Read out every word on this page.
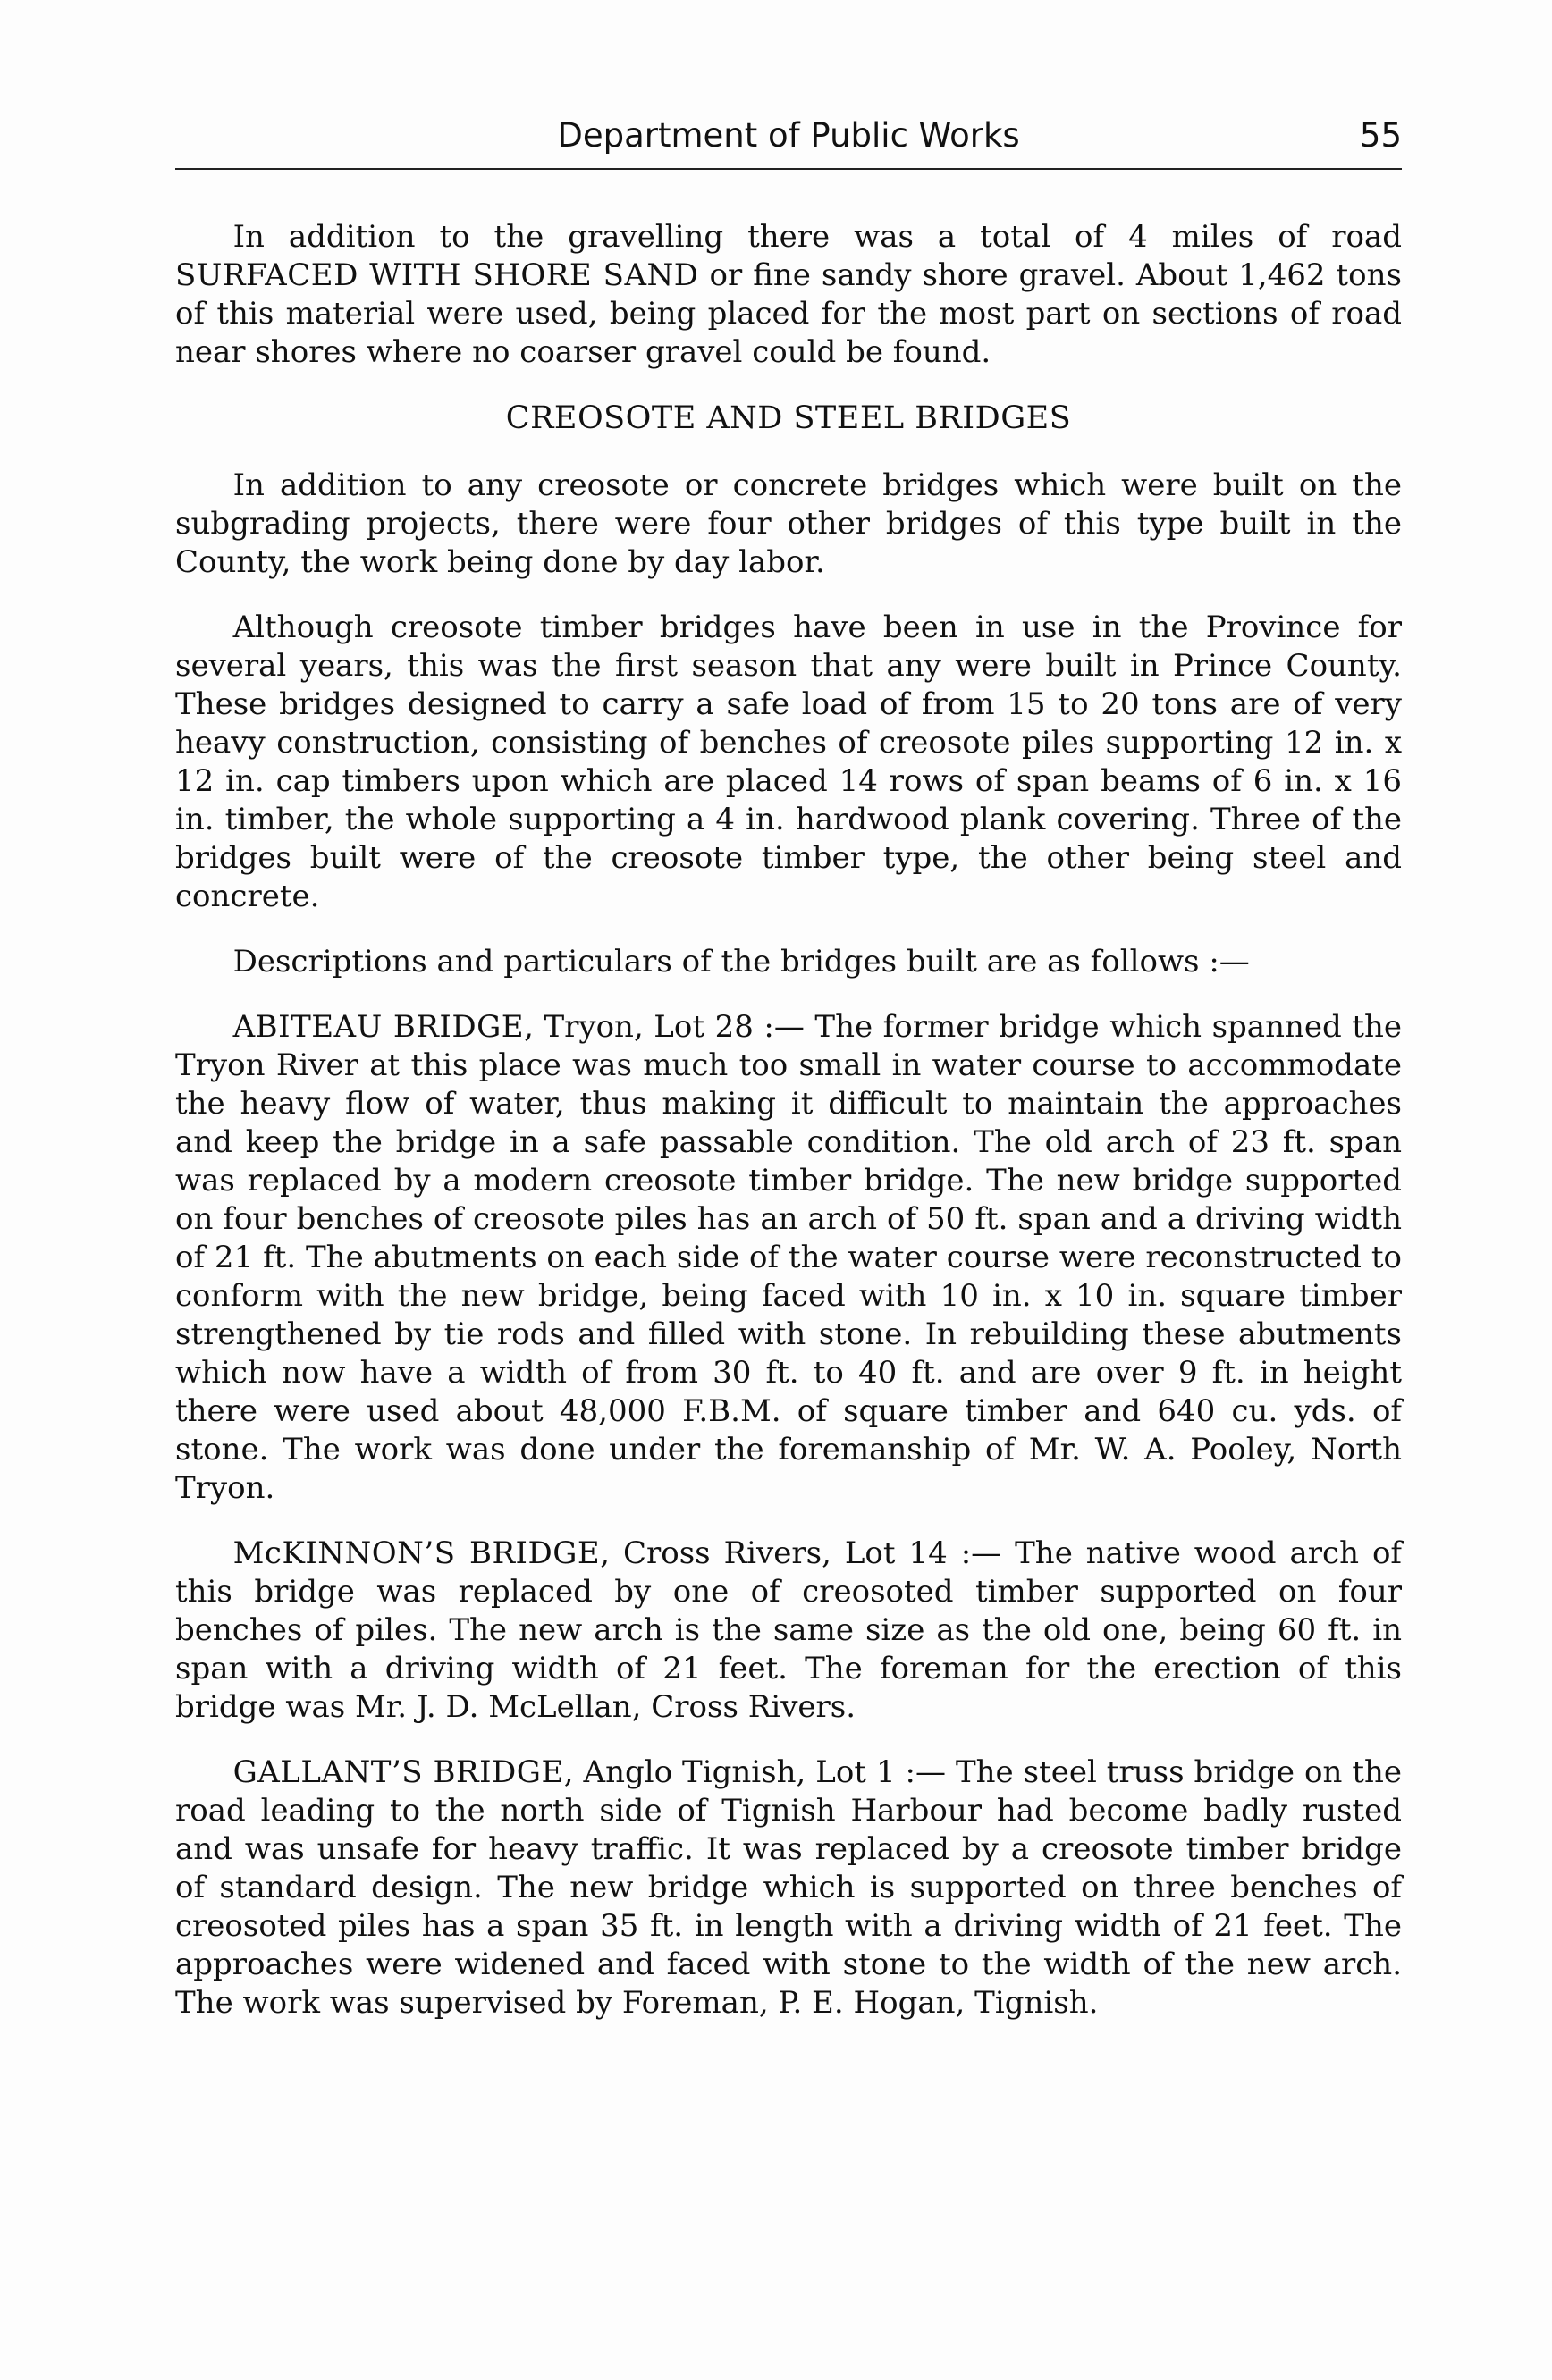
Department of Public Works	55

In addition to the gravelling there was a total of 4 miles of road SURFACED WITH SHORE SAND or fine sandy shore gravel. About 1,462 tons of this material were used, being placed for the most part on sections of road near shores where no coarser gravel could be found.

CREOSOTE AND STEEL BRIDGES

In addition to any creosote or concrete bridges which were built on the subgrading projects, there were four other bridges of this type built in the County, the work being done by day labor.

Although creosote timber bridges have been in use in the Province for several years, this was the first season that any were built in Prince County. These bridges designed to carry a safe load of from 15 to 20 tons are of very heavy construction, consisting of benches of creosote piles supporting 12 in. x 12 in. cap timbers upon which are placed 14 rows of span beams of 6 in. x 16 in. timber, the whole supporting a 4 in. hardwood plank covering. Three of the bridges built were of the creosote timber type, the other being steel and concrete.

Descriptions and particulars of the bridges built are as follows :—

ABITEAU BRIDGE, Tryon, Lot 28 :— The former bridge which spanned the Tryon River at this place was much too small in water course to accommodate the heavy flow of water, thus making it difficult to maintain the approaches and keep the bridge in a safe passable condition. The old arch of 23 ft. span was replaced by a modern creosote timber bridge. The new bridge supported on four benches of creosote piles has an arch of 50 ft. span and a driving width of 21 ft. The abutments on each side of the water course were reconstructed to conform with the new bridge, being faced with 10 in. x 10 in. square timber strengthened by tie rods and filled with stone. In rebuilding these abutments which now have a width of from 30 ft. to 40 ft. and are over 9 ft. in height there were used about 48,000 F.B.M. of square timber and 640 cu. yds. of stone. The work was done under the foremanship of Mr. W. A. Pooley, North Tryon.

McKINNON’S BRIDGE, Cross Rivers, Lot 14 :— The native wood arch of this bridge was replaced by one of creosoted timber supported on four benches of piles. The new arch is the same size as the old one, being 60 ft. in span with a driving width of 21 feet. The foreman for the erection of this bridge was Mr. J. D. McLellan, Cross Rivers.

GALLANT’S BRIDGE, Anglo Tignish, Lot 1 :— The steel truss bridge on the road leading to the north side of Tignish Harbour had become badly rusted and was unsafe for heavy traffic. It was replaced by a creosote timber bridge of standard design. The new bridge which is supported on three benches of creosoted piles has a span 35 ft. in length with a driving width of 21 feet. The approaches were widened and faced with stone to the width of the new arch. The work was supervised by Foreman, P. E. Hogan, Tignish.
